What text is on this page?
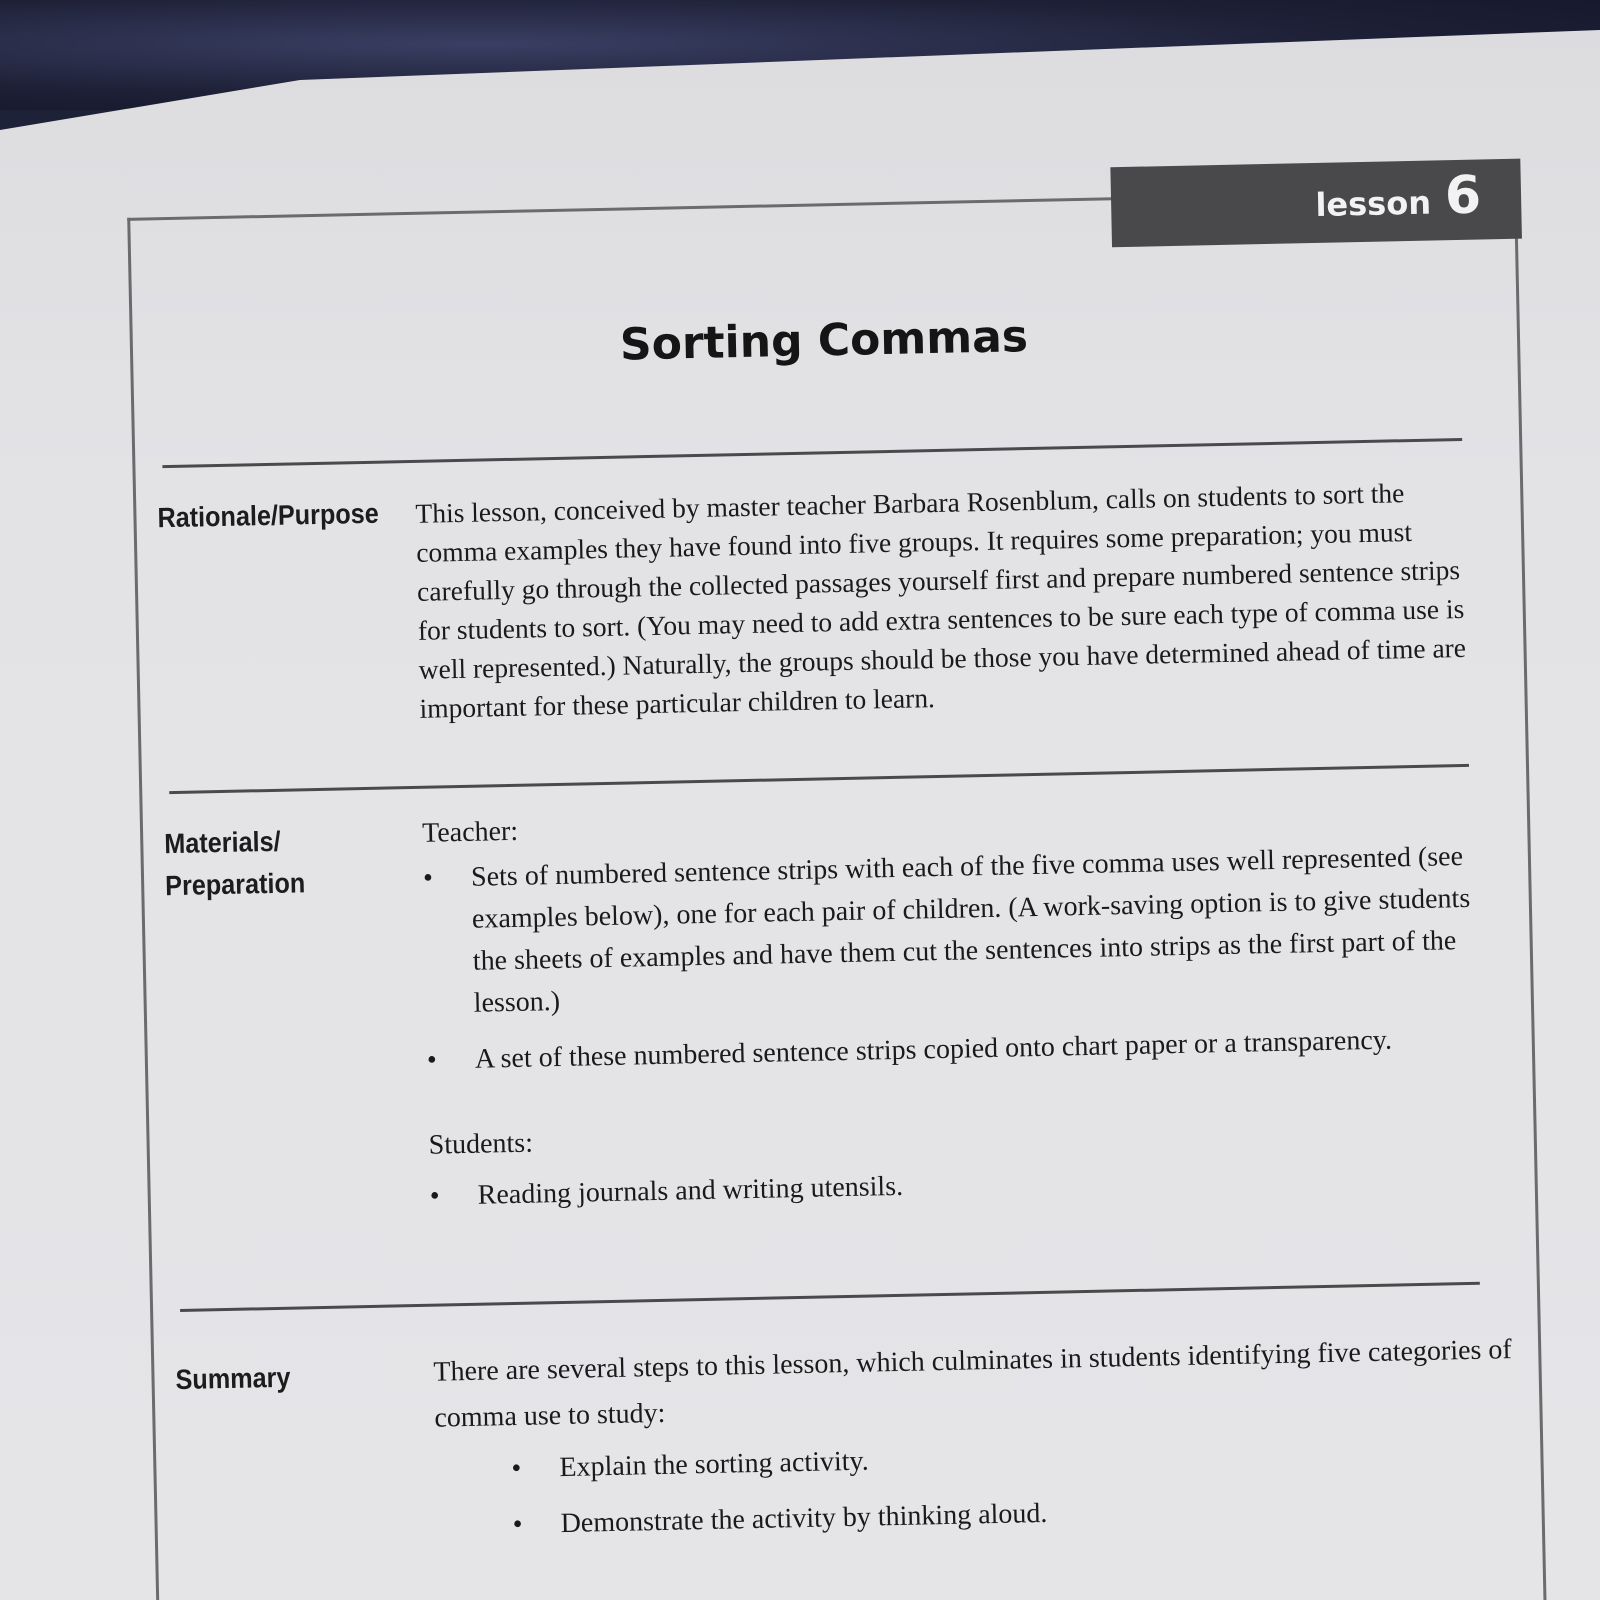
lesson 6
Sorting Commas
Rationale/Purpose This lesson, conceived by master teacher Barbara Rosenblum, calls on students to sort the comma examples they have found into five groups. It requires some preparation; you must carefully go through the collected passages yourself first and prepare numbered sentence strips for students to sort. (You may need to add extra sentences to be sure each type of comma use is well represented.) Naturally, the groups should be those you have determined ahead of time are important for these particular children to learn.
Materials/
Preparation

Teacher:

• Sets of numbered sentence strips with each of the five comma uses well represented (see examples below), one for each pair of children. (A work-saving option is to give students the sheets of examples and have them cut the sentences into strips as the first part of the lesson.)
• A set of these numbered sentence strips copied onto chart paper or a transparency.

Students:

• Reading journals and writing utensils.
Summary	There are several steps to this lesson, which culminates in students identifying five categories of comma use to study:

• Explain the sorting activity.
• Demonstrate the activity by thinking aloud.
